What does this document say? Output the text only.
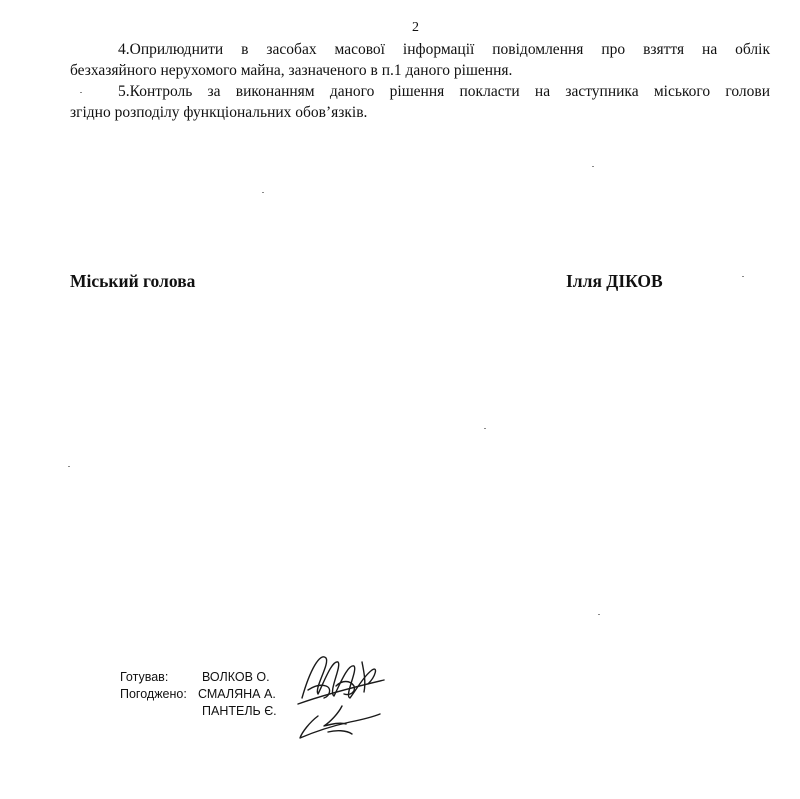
2
4.Оприлюднити в засобах масової інформації повідомлення про взяття на облік
безхазяйного нерухомого майна, зазначеного в п.1 даного рішення.
5.Контроль за виконанням даного рішення покласти на заступника міського голови
згідно розподілу функціональних обов’язків.
Міський голова	Ілля ДІКОВ
Готував:	ВОЛКОВ О.
Погоджено: СМАЛЯНА А.
ПАНТЕЛЬ Є.
